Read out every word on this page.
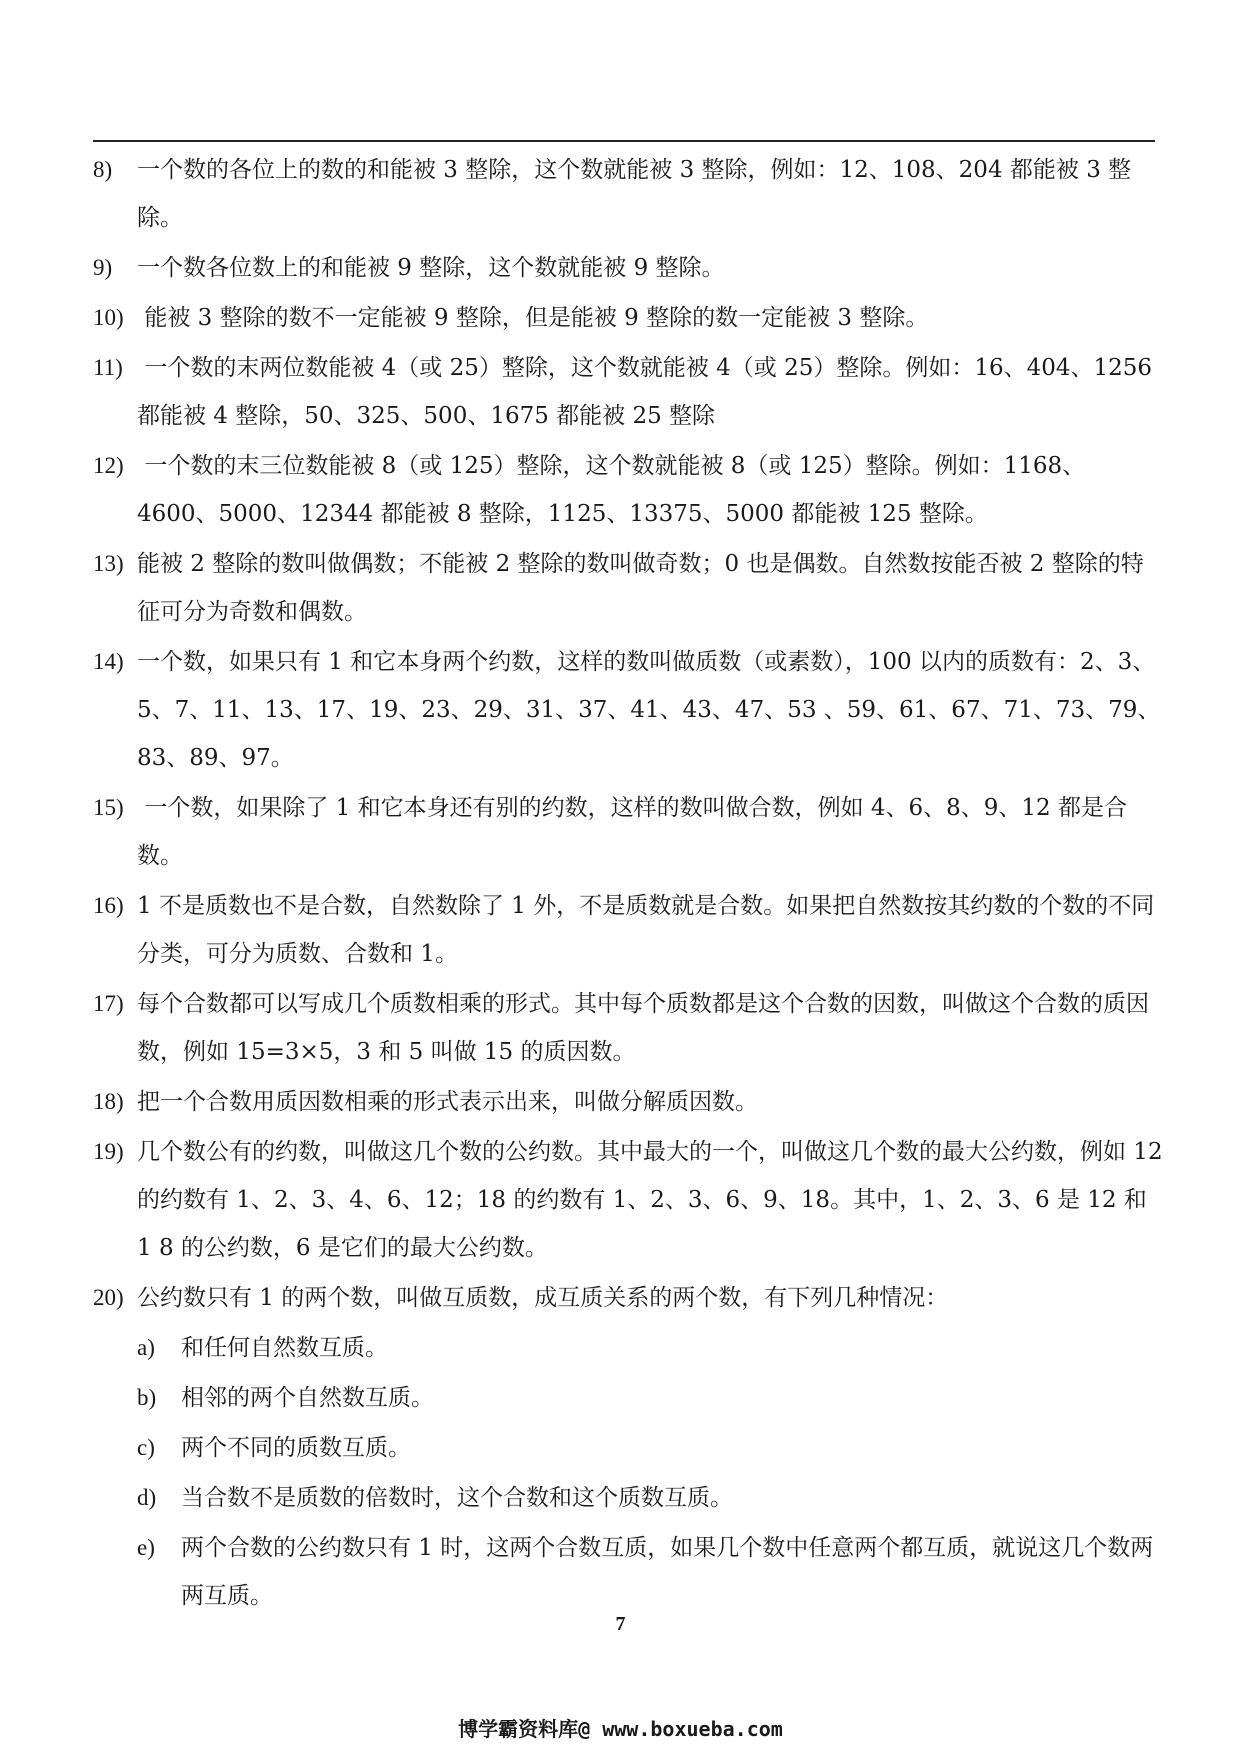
8) 一个数的各位上的数的和能被 3 整除，这个数就能被 3 整除，例如：12、108、204 都能被 3 整除。
9) 一个数各位数上的和能被 9 整除，这个数就能被 9 整除。
10) 能被 3 整除的数不一定能被 9 整除，但是能被 9 整除的数一定能被 3 整除。
11) 一个数的末两位数能被 4（或 25）整除，这个数就能被 4（或 25）整除。例如：16、404、1256 都能被 4 整除，50、325、500、1675 都能被 25 整除
12) 一个数的末三位数能被 8（或 125）整除，这个数就能被 8（或 125）整除。例如：1168、4600、5000、12344 都能被 8 整除，1125、13375、5000 都能被 125 整除。
13) 能被 2 整除的数叫做偶数；不能被 2 整除的数叫做奇数；0 也是偶数。自然数按能否被 2 整除的特征可分为奇数和偶数。
14) 一个数，如果只有 1 和它本身两个约数，这样的数叫做质数（或素数），100 以内的质数有：2、3、5、7、11、13、17、19、23、29、31、37、41、43、47、53 、59、61、67、71、73、79、83、89、97。
15) 一个数，如果除了 1 和它本身还有别的约数，这样的数叫做合数，例如 4、6、8、9、12 都是合数。
16) 1 不是质数也不是合数，自然数除了 1 外，不是质数就是合数。如果把自然数按其约数的个数的不同分类，可分为质数、合数和 1。
17) 每个合数都可以写成几个质数相乘的形式。其中每个质数都是这个合数的因数，叫做这个合数的质因数，例如 15=3×5，3 和 5 叫做 15 的质因数。
18) 把一个合数用质因数相乘的形式表示出来，叫做分解质因数。
19) 几个数公有的约数，叫做这几个数的公约数。其中最大的一个，叫做这几个数的最大公约数，例如 12 的约数有 1、2、3、4、6、12；18 的约数有 1、2、3、6、9、18。其中，1、2、3、6 是 12 和 1 8 的公约数，6 是它们的最大公约数。
20) 公约数只有 1 的两个数，叫做互质数，成互质关系的两个数，有下列几种情况：
a) 和任何自然数互质。
b) 相邻的两个自然数互质。
c) 两个不同的质数互质。
d) 当合数不是质数的倍数时，这个合数和这个质数互质。
e) 两个合数的公约数只有 1 时，这两个合数互质，如果几个数中任意两个都互质，就说这几个数两两互质。
7
博学霸资料库@ www.boxueba.com
